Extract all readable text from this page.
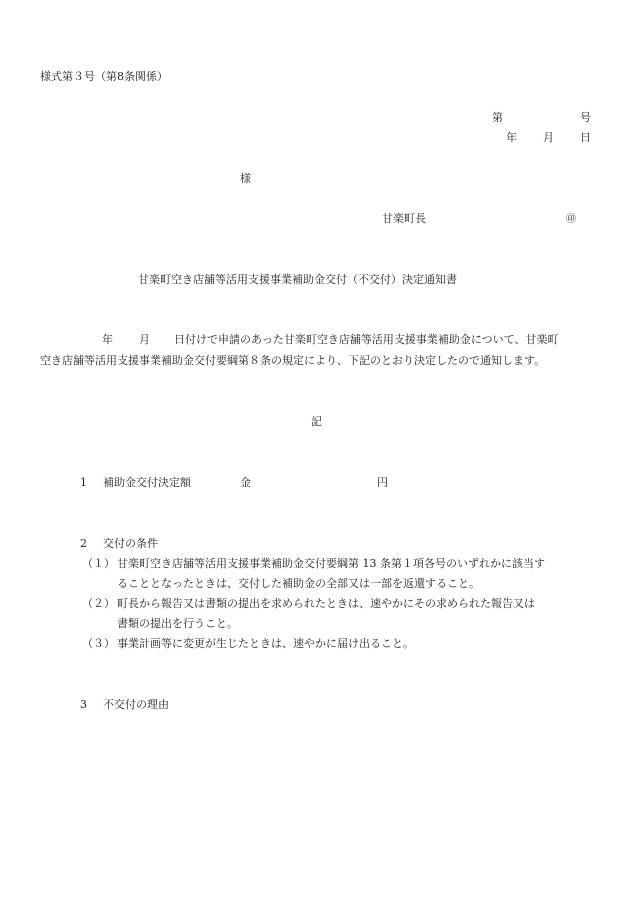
様式第３号（第8条関係）
第	号
年 月 日
様
甘楽町長	㊞
甘楽町空き店舗等活用支援事業補助金交付（不交付）決定通知書
年 月 日付けで申請のあった甘楽町空き店舗等活用支援事業補助金について、甘楽町
空き店舗等活用支援事業補助金交付要綱第８条の規定により、下記のとおり決定したので通知します。
記
1 補助金交付決定額	金	円
2 交付の条件
（１） 甘楽町空き店舗等活用支援事業補助金交付要綱第 13 条第１項各号のいずれかに該当す
ることとなったときは、交付した補助金の全部又は一部を返還すること。
（２） 町長から報告又は書類の提出を求められたときは、速やかにその求められた報告又は
書類の提出を行うこと。
（３） 事業計画等に変更が生じたときは、速やかに届け出ること。
3 不交付の理由
